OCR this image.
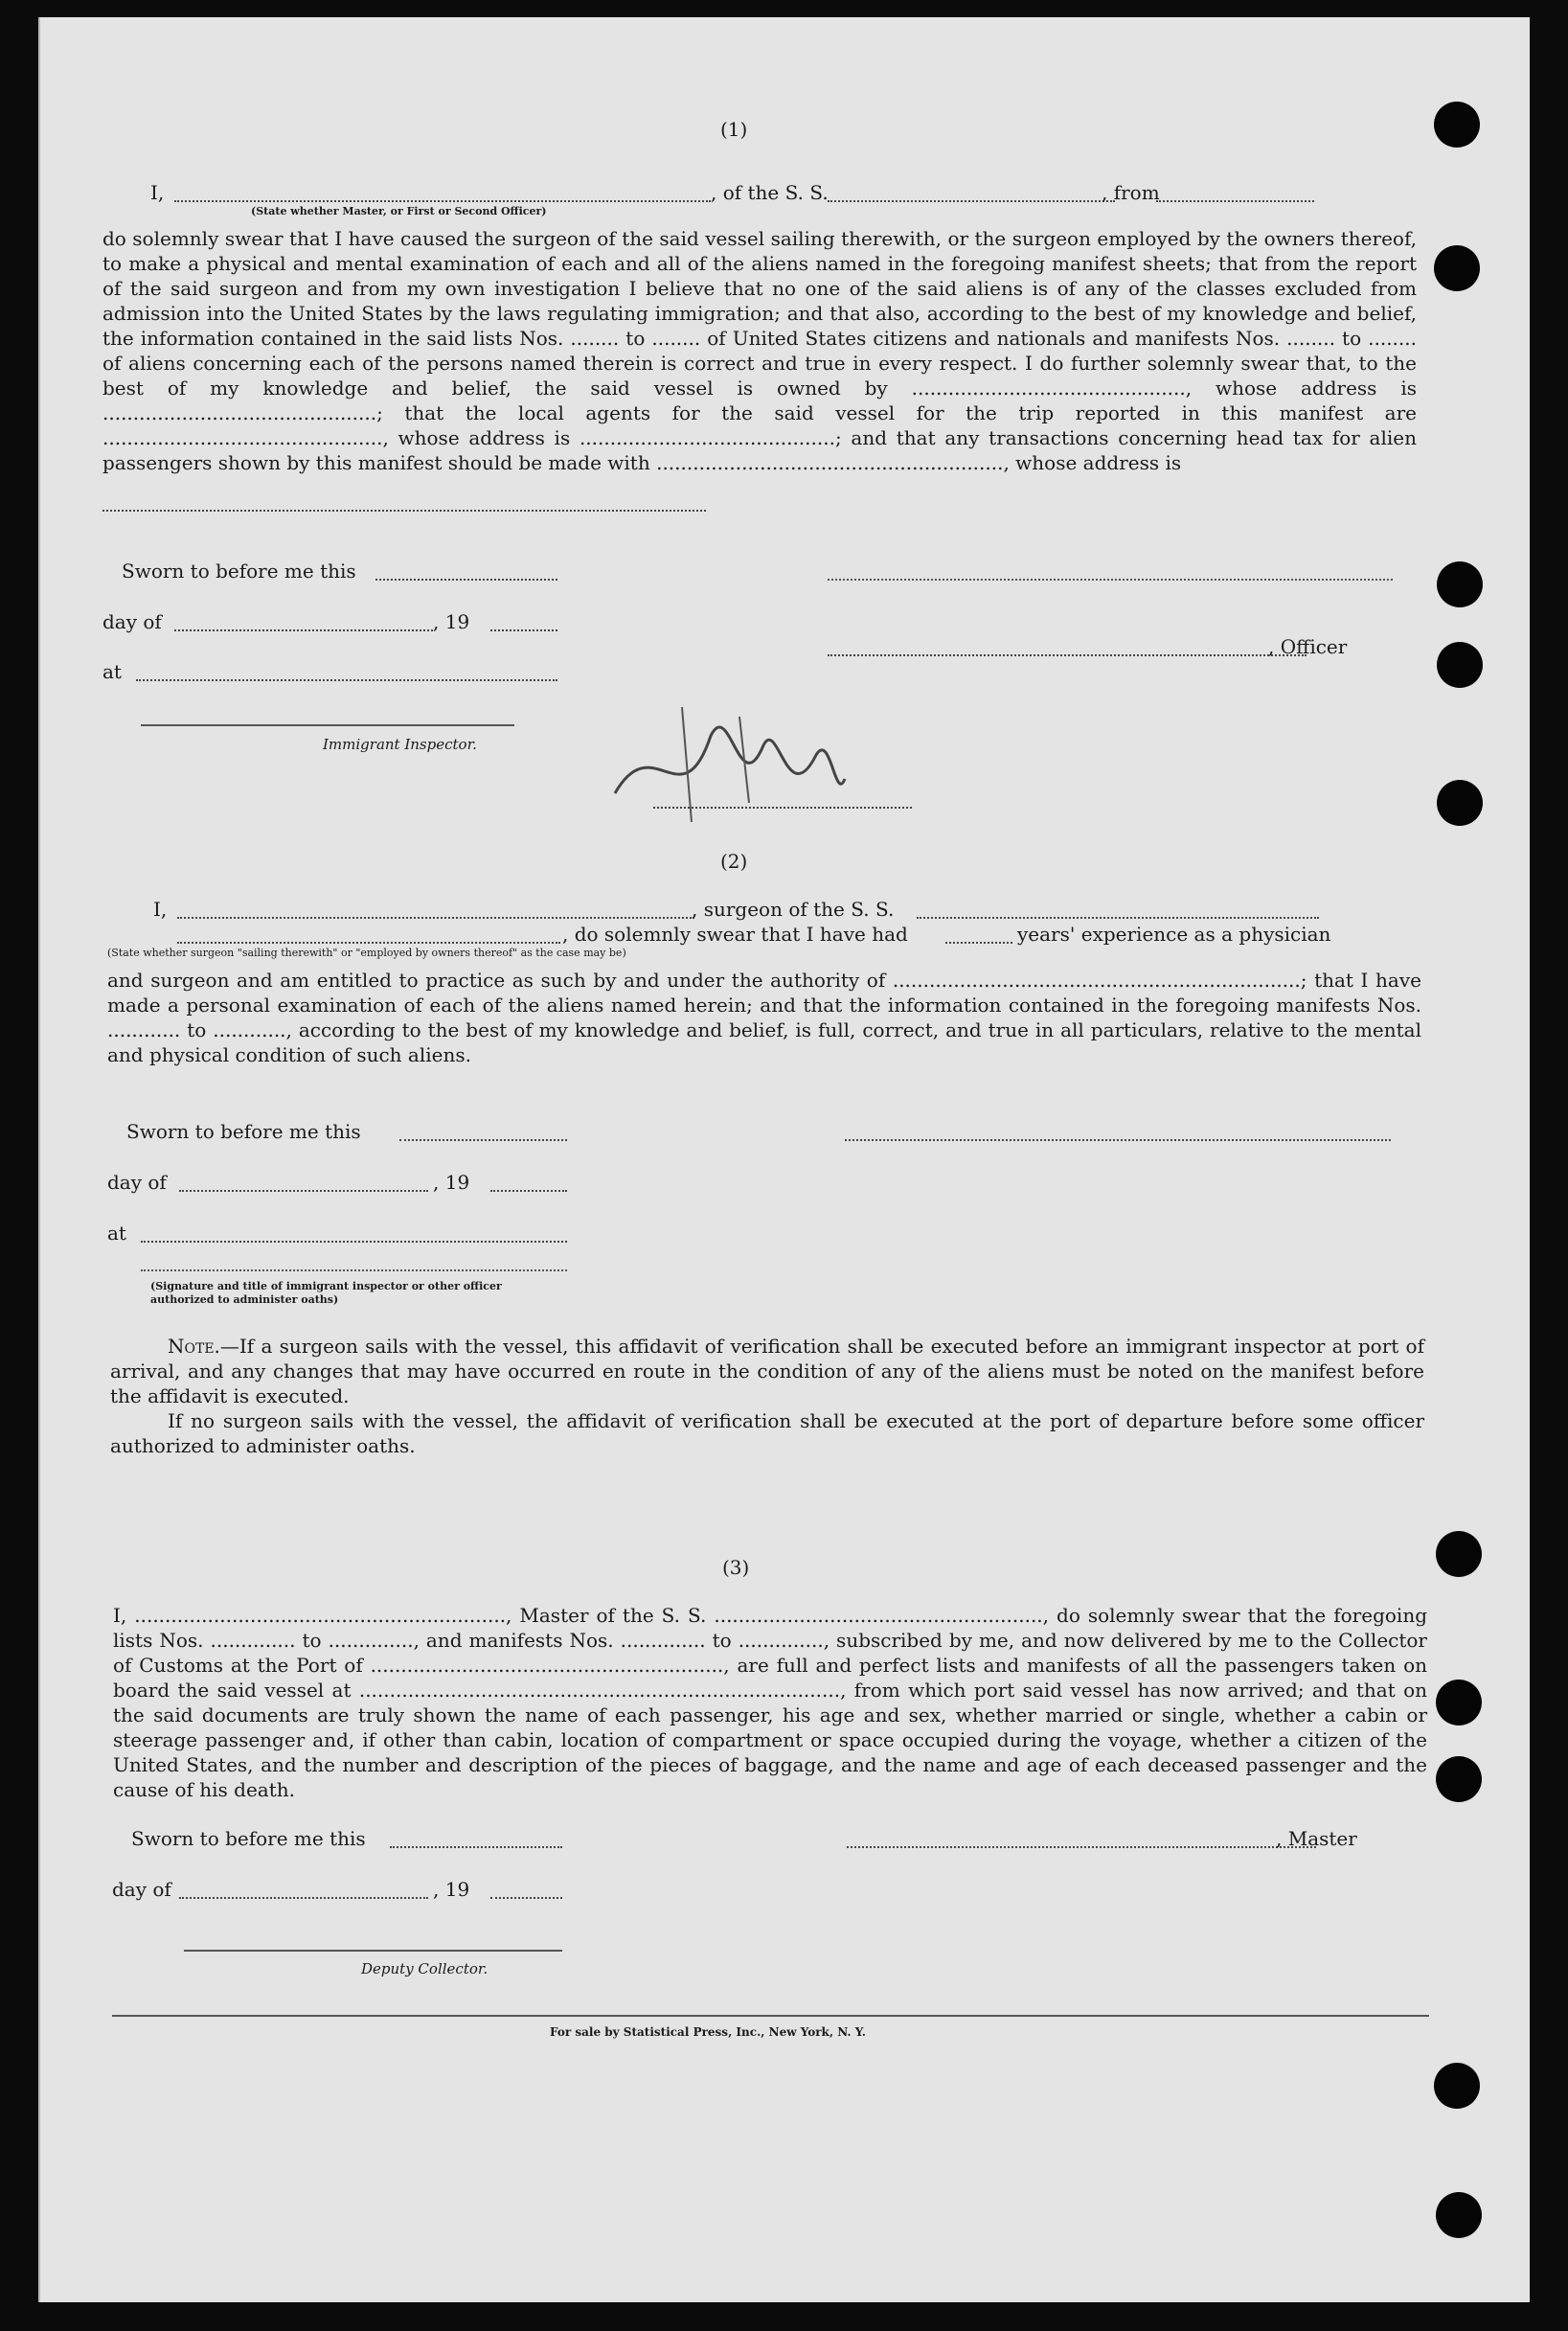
(1)
I,	, of the S. S.	, from
(State whether Master, or First or Second Officer)
do solemnly swear that I have caused the surgeon of the said vessel sailing therewith, or the surgeon employed by the owners thereof, to make a physical and mental examination of each and all of the aliens named in the foregoing manifest sheets; that from the report of the said surgeon and from my own investigation I believe that no one of the said aliens is of any of the classes excluded from admission into the United States by the laws regulating immigration; and that also, according to the best of my knowledge and belief, the information contained in the said lists Nos. ........ to ........ of United States citizens and nationals and manifests Nos. ........ to ........ of aliens concerning each of the persons named therein is correct and true in every respect. I do further solemnly swear that, to the best of my knowledge and belief, the said vessel is owned by ............................................., whose address is .............................................; that the local agents for the said vessel for the trip reported in this manifest are .............................................., whose address is ..........................................; and that any transactions concerning head tax for alien passengers shown by this manifest should be made with ........................................................., whose address is
Sworn to before me this
day of	, 19
, Officer
at
Immigrant Inspector.
(2)
I,	, surgeon of the S. S.
, do solemnly swear that I have had	years' experience as a physician
(State whether surgeon "sailing therewith" or "employed by owners thereof" as the case may be)
and surgeon and am entitled to practice as such by and under the authority of ...................................................................; that I have made a personal examination of each of the aliens named herein; and that the information contained in the foregoing manifests Nos. ............ to ............, according to the best of my knowledge and belief, is full, correct, and true in all particulars, relative to the mental and physical condition of such aliens.
Sworn to before me this
day of	, 19
at
(Signature and title of immigrant inspector or other officer authorized to administer oaths)
Note.—If a surgeon sails with the vessel, this affidavit of verification shall be executed before an immigrant inspector at port of arrival, and any changes that may have occurred en route in the condition of any of the aliens must be noted on the manifest before the affidavit is executed.
If no surgeon sails with the vessel, the affidavit of verification shall be executed at the port of departure before some officer authorized to administer oaths.
(3)
I, ............................................................., Master of the S. S. ......................................................, do solemnly swear that the foregoing lists Nos. .............. to .............., and manifests Nos. .............. to .............., subscribed by me, and now delivered by me to the Collector of Customs at the Port of .........................................................., are full and perfect lists and manifests of all the passengers taken on board the said vessel at ..............................................................................., from which port said vessel has now arrived; and that on the said documents are truly shown the name of each passenger, his age and sex, whether married or single, whether a cabin or steerage passenger and, if other than cabin, location of compartment or space occupied during the voyage, whether a citizen of the United States, and the number and description of the pieces of baggage, and the name and age of each deceased passenger and the cause of his death.
Sworn to before me this	, Master
day of	, 19
Deputy Collector.
For sale by Statistical Press, Inc., New York, N. Y.
